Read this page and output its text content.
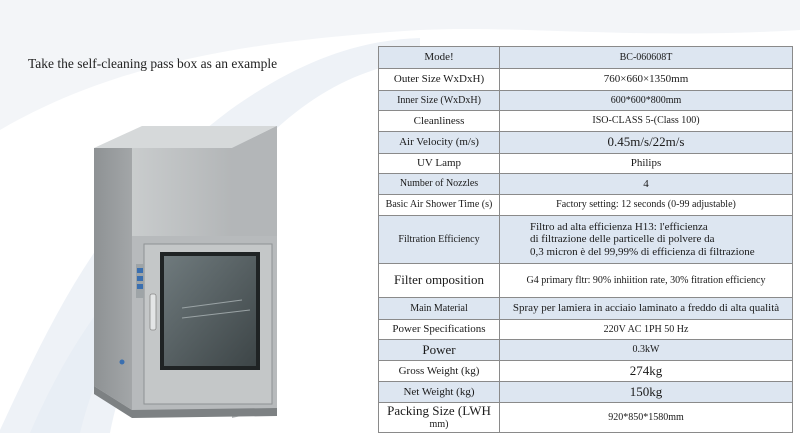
Take the self-cleaning pass box as an example	Mode!	BC-060608T
Outer Size WxDxH)	760×660×1350mm
Inner Size (WxDxH)	600*600*800mm
Cleanliness	ISO-CLASS 5-(Class 100)
Air Velocity (m/s)	0.45m/s/22m/s
UV Lamp	Philips
Number of Nozzles	4
Basic Air Shower Time (s)	Factory setting: 12 seconds (0-99 adjustable)
Filtration Efficiency	Filtro ad alta efficienza H13: l'efficienza
di filtrazione delle particelle di polvere da
0,3 micron è del 99,99% di efficienza di filtrazione

Filter omposition	G4 primary fltr: 90% inhiition rate, 30% fitration efficiency
Main Material	Spray per lamiera in acciaio laminato a freddo di alta qualità
Power Specifications	220V AC 1PH 50 Hz
Power	0.3kW
Gross Weight (kg)	274kg
Net Weight (kg)	150kg

Packing Size (LWH
mm)	920*850*1580mm
